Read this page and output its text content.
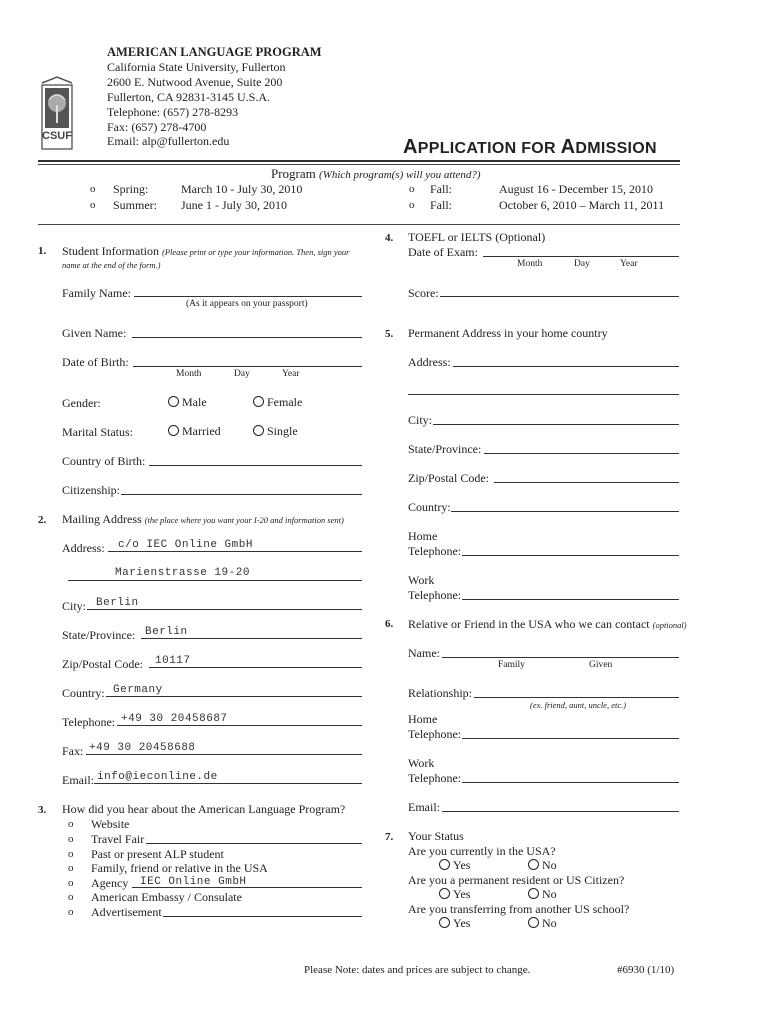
CSUF
AMERICAN LANGUAGE PROGRAM
California State University, Fullerton
2600 E. Nutwood Avenue, Suite 200
Fullerton, CA 92831-3145 U.S.A.
Telephone: (657) 278-8293
Fax: (657) 278-4700
Email: alp@fullerton.edu	APPLICATION FOR ADMISSION
Program (Which program(s) will you attend?)
o Spring:	March 10 - July 30, 2010
o Summer: June 1 - July 30, 2010
o Fall:	August 16 - December 15, 2010
o Fall:	October 6, 2010 – March 11, 2011
1. Student Information (Please print or type your information. Then, sign your
name at the end of the form.)
Family Name:
(As it appears on your passport)
Given Name:
Date of Birth:
Month	Day	Year
Gender:	Male	Female
Marital Status:	Married	Single
Country of Birth:
Citizenship:
2. Mailing Address (the place where you want your I-20 and information sent)
Address: c/o IEC Online GmbH
Marienstrasse 19-20
City: Berlin
State/Province: Berlin
Zip/Postal Code: 10117
Country: Germany
Telephone: +49 30 20458687
Fax: +49 30 20458688
Email: info@ieconline.de
3. How did you hear about the American Language Program?
o Website
o Travel Fair
o Past or present ALP student
o Family, friend or relative in the USA
o Agency IEC Online GmbH
o American Embassy / Consulate
o Advertisement
4. TOEFL or IELTS (Optional)
Date of Exam:
Month	Day	Year
Score:
5. Permanent Address in your home country
Address:
City:
State/Province:
Zip/Postal Code:
Country:
Home
Telephone:
Work
Telephone:
6. Relative or Friend in the USA who we can contact (optional)
Name:
Family	Given
Relationship:
(ex. friend, aunt, uncle, etc.)
Home
Telephone:
Work
Telephone:
Email:
7. Your Status
Are you currently in the USA?
Yes	No
Are you a permanent resident or US Citizen?
Yes	No
Are you transferring from another US school?
Yes	No
Please Note: dates and prices are subject to change.	#6930 (1/10)
